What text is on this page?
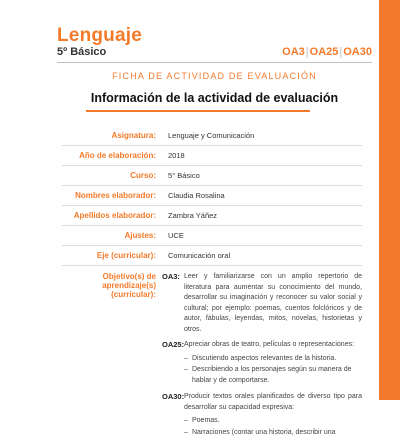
Lenguaje
5º Básico	OA3|OA25|OA30
FICHA DE ACTIVIDAD DE EVALUACIÓN
Información de la actividad de evaluación
Asignatura:	Lenguaje y Comunicación
Año de elaboración:	2018
Curso:	5° Básico
Nombres elaborador:	Claudia Rosalina
Apellidos elaborador:	Zambra Yáñez
Ajustes:	UCE
Eje (curricular):	Comunicación oral
Objetivo(s) de aprendizaje(s) (curricular):
OA3: Leer y familiarizarse con un amplio repertorio de literatura para aumentar su conocimiento del mundo, desarrollar su imaginación y reconocer su valor social y cultural; por ejemplo: poemas, cuentos folclóricos y de autor, fábulas, leyendas, mitos, novelas, historietas y otros.

OA25: Apreciar obras de teatro, películas o representaciones:

– Discutiendo aspectos relevantes de la historia.
– Describiendo a los personajes según su manera de hablar y de comportarse.
OA30: Producir textos orales planificados de diverso tipo para desarrollar su capacidad expresiva:

– Poemas.
– Narraciones (contar una historia, describir una
